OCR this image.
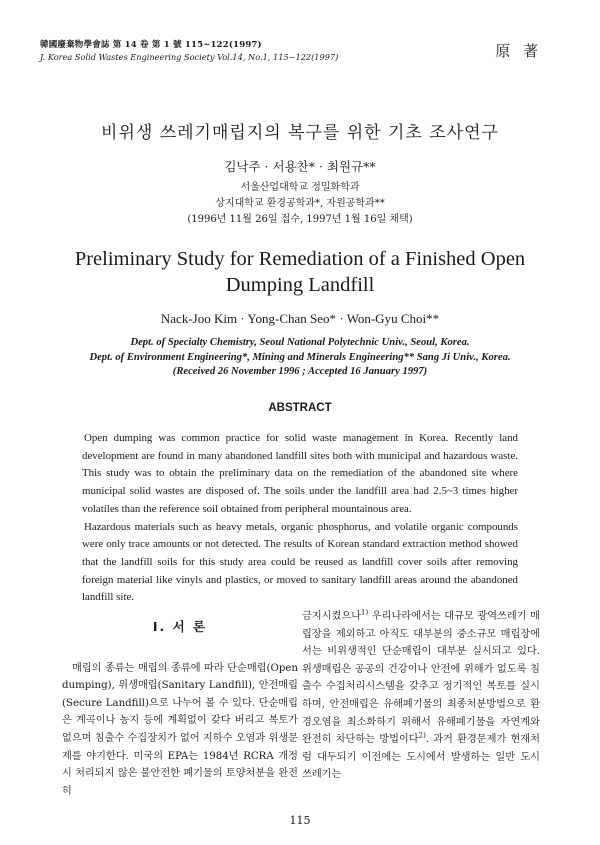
韓國廢棄物學會誌 第 14 卷 第 1 號 115~122(1997)
J. Korea Solid Wastes Engineering Society Vol.14, No.1, 115~122(1997)	原 著
비위생 쓰레기매립지의 복구를 위한 기초 조사연구
김낙주 · 서용찬* · 최원규**
서울산업대학교 정밀화학과
상지대학교 환경공학과*, 자원공학과**
(1996년 11월 26일 접수, 1997년 1월 16일 채택)
Preliminary Study for Remediation of a Finished Open Dumping Landfill
Nack-Joo Kim · Yong-Chan Seo* · Won-Gyu Choi**
Dept. of Specialty Chemistry, Seoul National Polytechnic Univ., Seoul, Korea.
Dept. of Environment Engineering*, Mining and Minerals Engineering** Sang Ji Univ., Korea.
(Received 26 November 1996 ; Accepted 16 January 1997)
ABSTRACT

Open dumping was common practice for solid waste management in Korea. Recently land development are found in many abandoned landfill sites both with municipal and hazardous waste. This study was to obtain the preliminary data on the remediation of the abandoned site where municipal solid wastes are disposed of. The soils under the landfill area had 2.5~3 times higher volatiles than the reference soil obtained from peripheral mountainous area.

Hazardous materials such as heavy metals, organic phosphorus, and volatile organic compounds were only trace amounts or not detected. The results of Korean standard extraction method showed that the landfill soils for this study area could be reused as landfill cover soils after removing foreign material like vinyls and plastics, or moved to sanitary landfill areas around the abandoned landfill site.

I. 서 론

매립의 종류는 매립의 종류에 따라 단순매립(Open dumping), 위생매립(Sanitary Landfill), 안전매립(Secure Landfill)으로 나누어 볼 수 있다. 단순매립은 계곡이나 농지 등에 계획없이 갖다 버리고 복토가 없으며 침출수 수집장치가 없어 지하수 오염과 위생문제를 야기한다. 미국의 EPA는 1984년 RCRA 개정시 처리되지 않은 불안전한 폐기물의 토양처분을 완전히

금지시켰으나$^{1)}$ 우리나라에서는 대규모 광역쓰레기 매립장을 제외하고 아직도 대부분의 중소규모 매립장에서는 비위생적인 단순매립이 대부분 실시되고 있다. 위생매립은 공공의 건강이나 안전에 위해가 없도록 침출수 수집처리시스템을 갖추고 정기적인 복토를 실시하며, 안전매립은 유해폐기물의 최종처분방법으로 환경오염을 최소화하기 위해서 유해폐기물을 자연계와 완전히 차단하는 방법이다$^{2)}$. 과거 환경문제가 현재처럼 대두되기 이전에는 도시에서 발생하는 일반 도시 쓰레기는

115
